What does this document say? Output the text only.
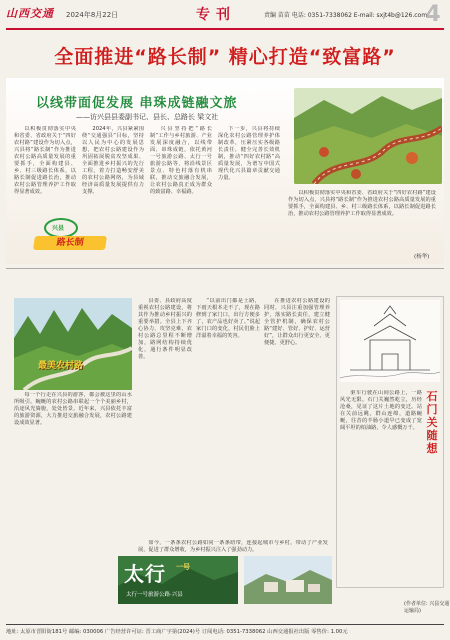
山西交通	2024年8月22日	专刊	责编 苗苗 电话: 0351-7338062 E-mail: sxjt4b@126.com
4
全面推进“路长制” 精心打造“致富路”
以线带面促发展 串珠成链融文旅
——访兴县县委副书记、县长、总路长 梁文社

以积极贯彻落实中央和省委、省政府关于“四好农村路”建设作为切入点，兴县将“路长制”作为推进农村公路高质量发展的重要抓手，全面构建县、乡、村三级路长体系，以路长制促进路长治，推动农村公路管理养护工作取得显著成效。

2024年，兴县紧紧围绕“交通强县”目标，坚持以人民为中心的发展思想，把农村公路建设作为巩固拓展脱贫攻坚成果、全面推进乡村振兴的先行工程，着力打造畅安舒美的农村公路网络，为县域经济高质量发展提供有力支撑。

兴县坚持把“路长制”工作与乡村旅游、产业发展深度融合，以线带面、串珠成链，依托黄河一号旅游公路、太行一号旅游公路等，将沿线景区景点、特色村落有机串联，推动交旅融合发展，让农村公路真正成为群众的致富路、幸福路。

下一步，兴县将持续深化农村公路管理养护体制改革，压紧压实各级路长责任，健全完善长效机制，推动“四好农村路”高质量发展，为谱写中国式现代化兴县篇章贡献交通力量。

以积极贯彻落实中央和省委、省政府关于“四好农村路”建设作为切入点，兴县将“路长制”作为推进农村公路高质量发展的重要抓手，全面构建县、乡、村三级路长体系，以路长制促进路长治，推动农村公路管理养护工作取得显著成效。

兴县
路长制
(杨华)
最美农村路

县委、县政府高度重视农村公路建设，将其作为推动乡村振兴的重要举措。全县上下齐心协力，攻坚克难，农村公路总里程不断增加，路网结构持续优化，通行条件明显改善。

“以前出门都是土路，下雨天根本走不了，现在路修到了家门口，出行方便多了，农产品也好卖了。”说起家门口的变化，村民们脸上洋溢着幸福的笑容。

在推进农村公路建设的同时，兴县注重加强管理养护，落实路长责任，建立健全管护机制，确保农村公路“建好、管好、护好、运营好”，让群众出行更安全、更便捷、更舒心。

每一个行走在兴县的游客，都会被这里的山水所吸引。蜿蜒的农村公路串联起一个个美丽乡村，沿途风光旖旎，处处皆景。近年来，兴县依托丰富的旅游资源，大力推进交旅融合发展，农村公路建设成效显著。

如今，一条条农村公路如同一条条纽带，连接起城市与乡村，带动了产业发展，促进了群众增收，为乡村振兴注入了强劲动力。

太行 一号
太行一号旅游公路·兴县

驱车行驶在山间公路上，一路风光无限。石门关巍然屹立，历经沧桑，见证了这片土地的变迁。站在关前远眺，群山连绵，道路蜿蜒，往昔的羊肠小道早已变成了宽阔平坦的柏油路，令人感慨万千。

石门关随想
(作者单位: 兴县交通运输局)
地址: 太原市晋阳街181号 邮编: 030006 广告经营许可证: 晋工商广字第(2024)号 订阅电话: 0351-7338062 山西交通报社出版 零售价: 1.00元
